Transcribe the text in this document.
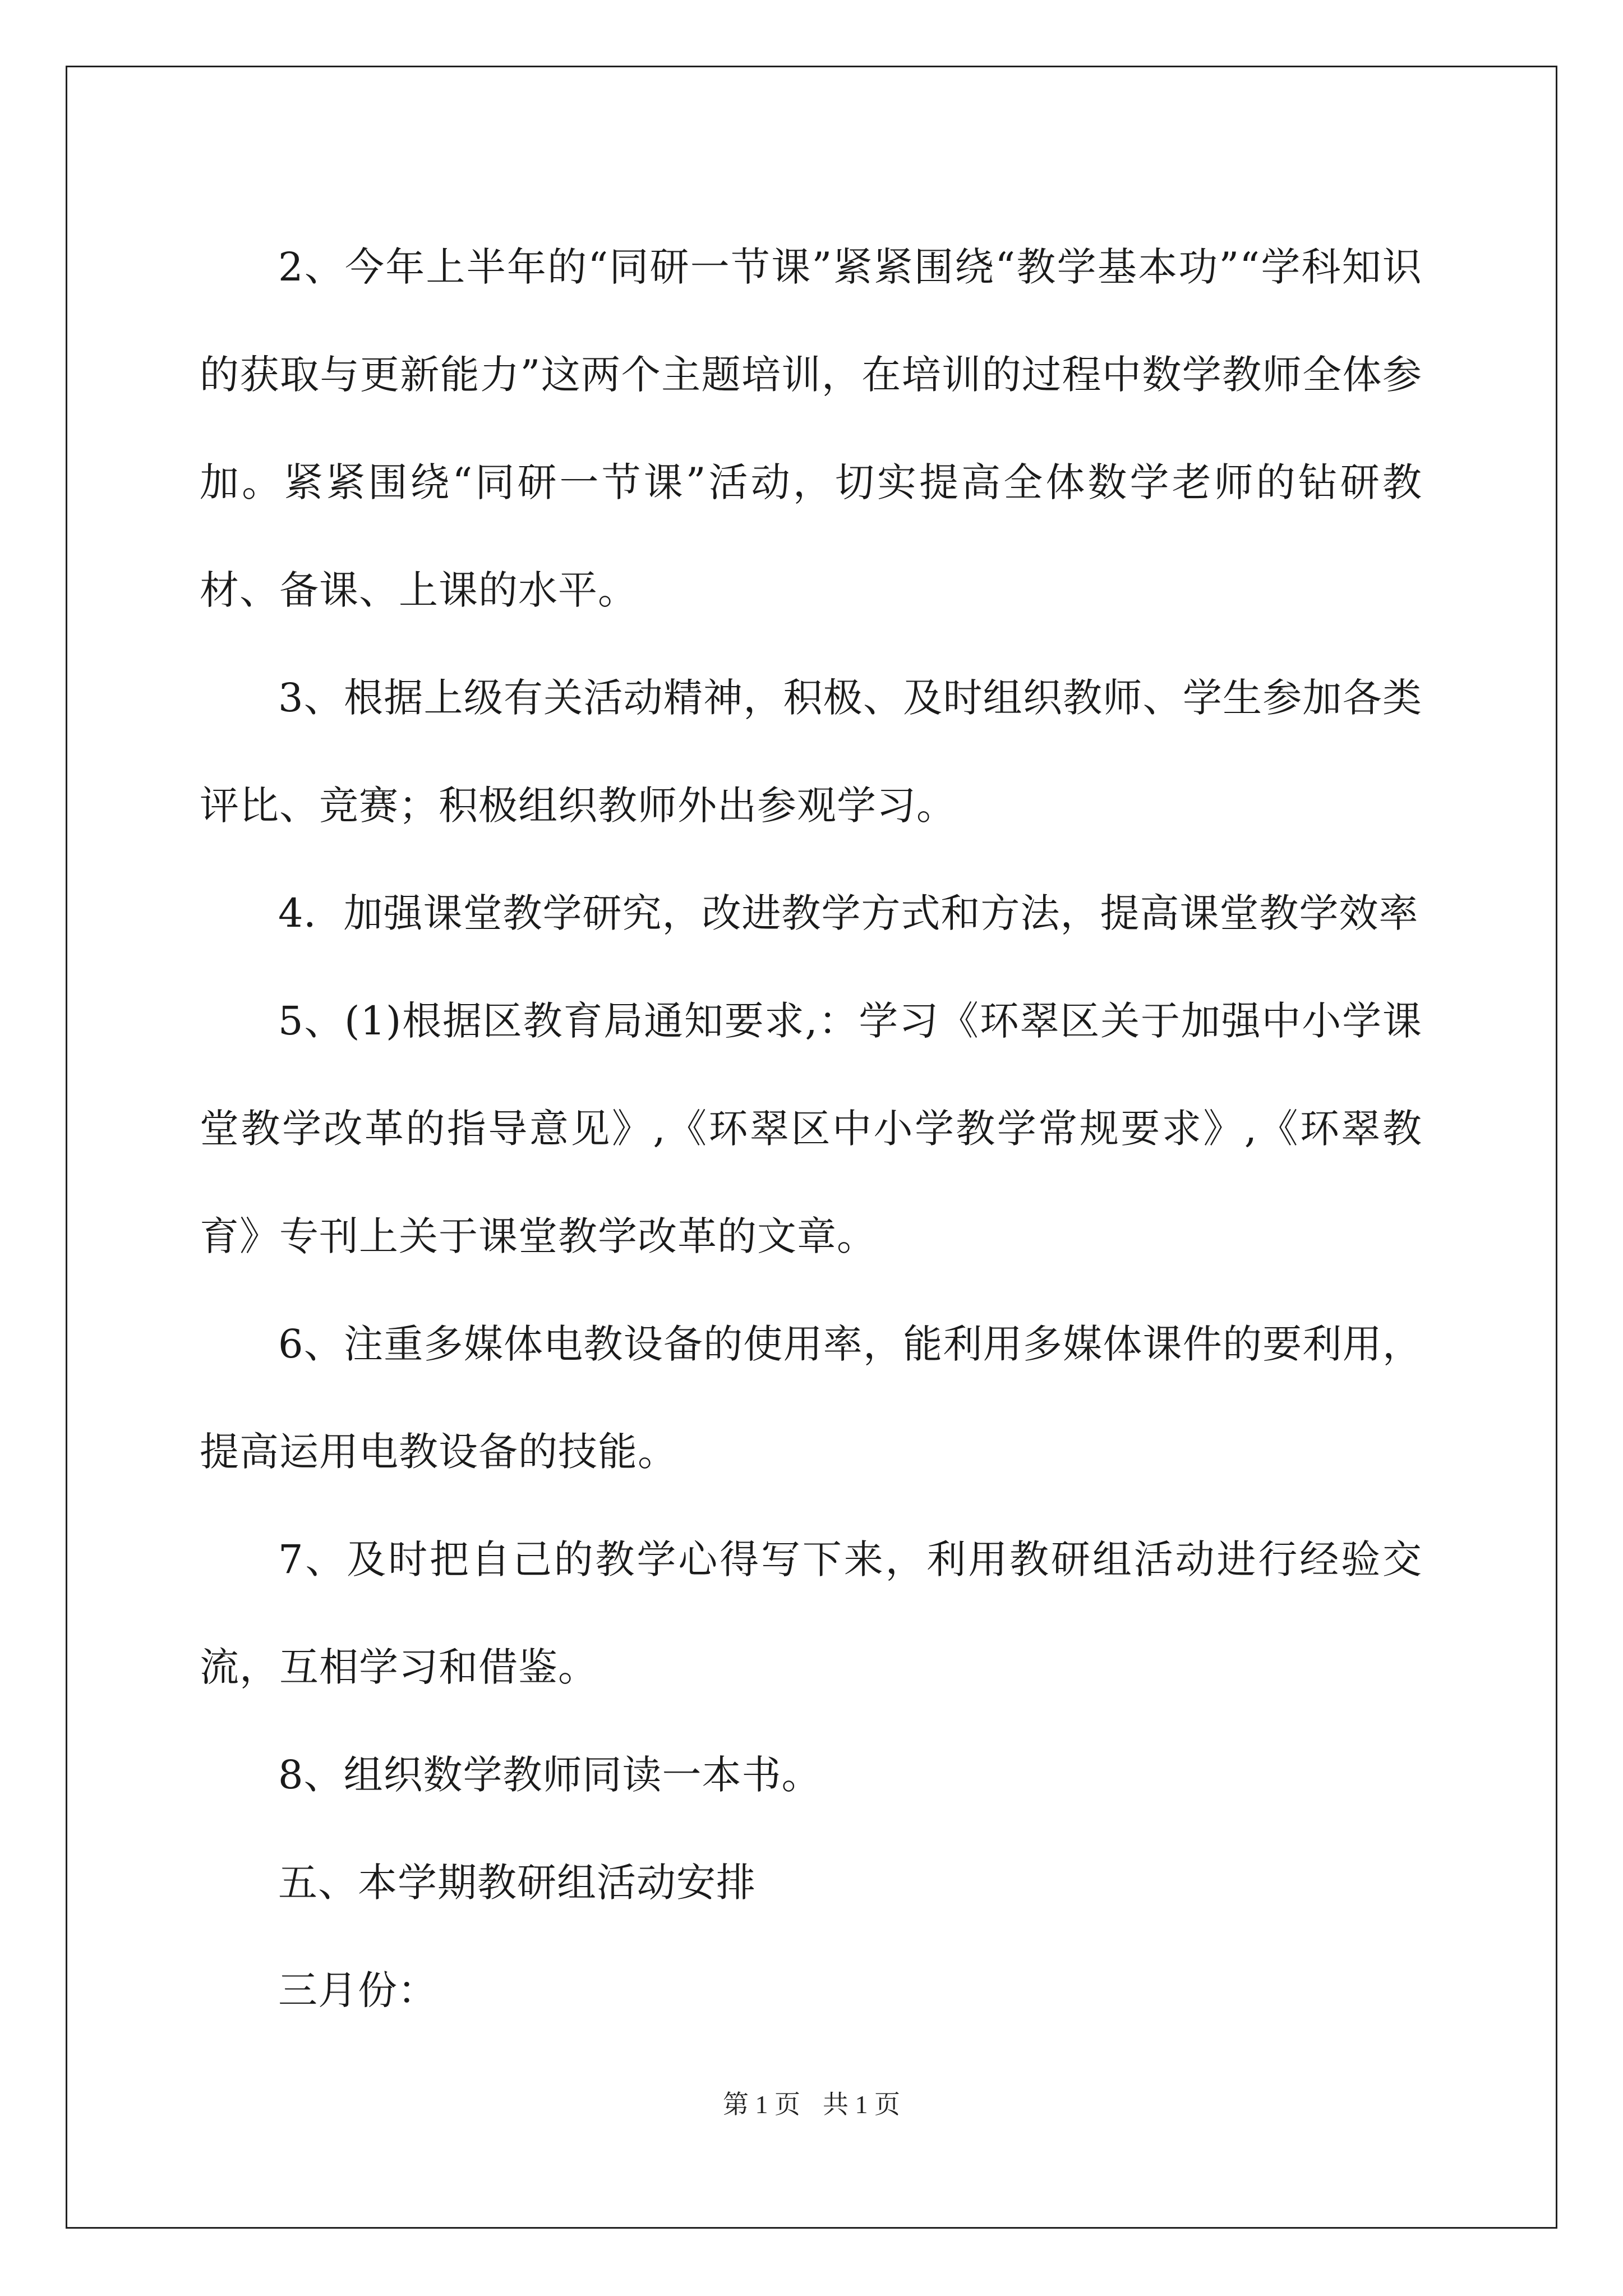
2、今年上半年的“同研一节课”紧紧围绕“教学基本功”“学科知识的获取与更新能力”这两个主题培训，在培训的过程中数学教师全体参加。紧紧围绕“同研一节课”活动，切实提高全体数学老师的钻研教材、备课、上课的水平。

3、根据上级有关活动精神，积极、及时组织教师、学生参加各类评比、竞赛；积极组织教师外出参观学习。

4．加强课堂教学研究，改进教学方式和方法，提高课堂教学效率

5、(1)根据区教育局通知要求,：学习《环翠区关于加强中小学课堂教学改革的指导意见》,《环翠区中小学教学常规要求》,《环翠教育》专刊上关于课堂教学改革的文章。

6、注重多媒体电教设备的使用率，能利用多媒体课件的要利用，提高运用电教设备的技能。

7、及时把自己的教学心得写下来，利用教研组活动进行经验交流，互相学习和借鉴。

8、组织数学教师同读一本书。

五、本学期教研组活动安排

三月份：

第 1 页 共 1 页
